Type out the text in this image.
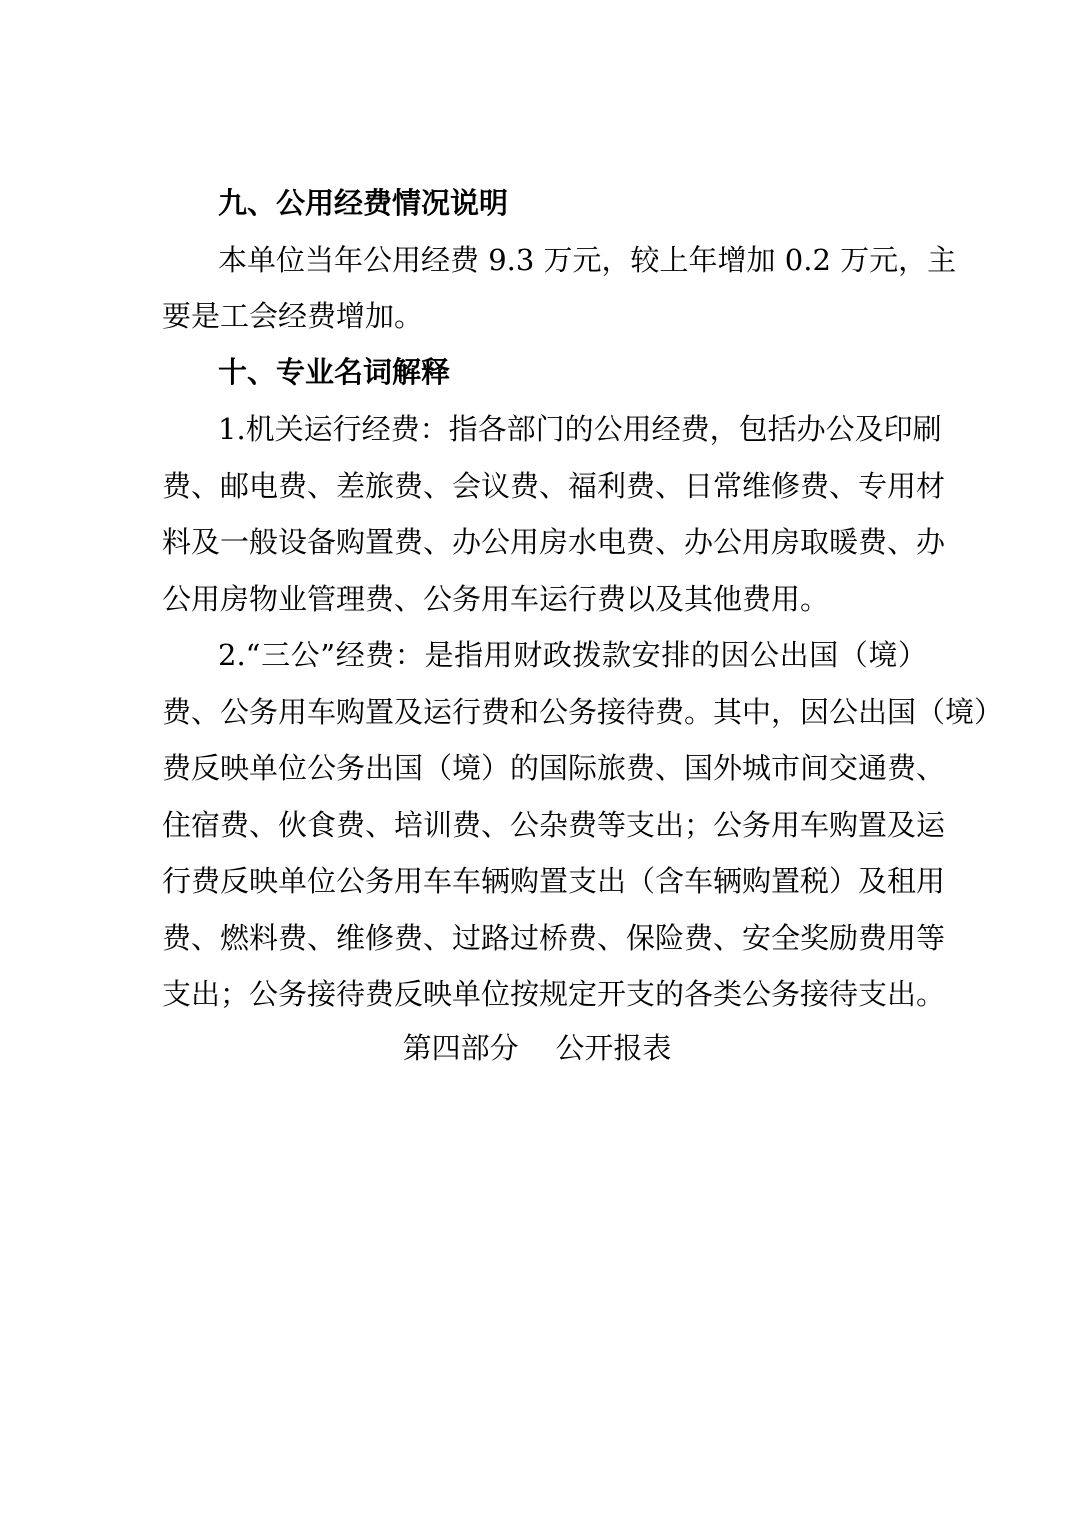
九、公用经费情况说明
本单位当年公用经费 9.3 万元，较上年增加 0.2 万元，主
要是工会经费增加。
十、专业名词解释
1.机关运行经费：指各部门的公用经费，包括办公及印刷
费、邮电费、差旅费、会议费、福利费、日常维修费、专用材
料及一般设备购置费、办公用房水电费、办公用房取暖费、办
公用房物业管理费、公务用车运行费以及其他费用。
2.“三公”经费：是指用财政拨款安排的因公出国（境）
费、公务用车购置及运行费和公务接待费。其中，因公出国（境）
费反映单位公务出国（境）的国际旅费、国外城市间交通费、
住宿费、伙食费、培训费、公杂费等支出；公务用车购置及运
行费反映单位公务用车车辆购置支出（含车辆购置税）及租用
费、燃料费、维修费、过路过桥费、保险费、安全奖励费用等
支出；公务接待费反映单位按规定开支的各类公务接待支出。
第四部分    公开报表
